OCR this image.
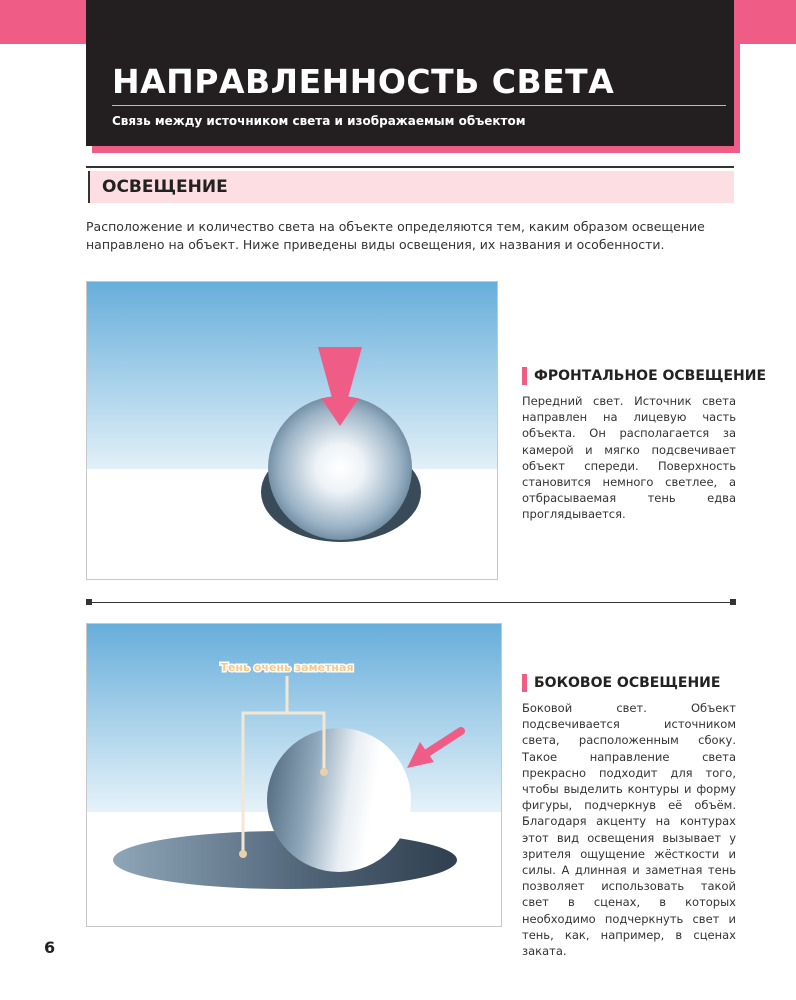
НАПРАВЛЕННОСТЬ СВЕТА
Связь между источником света и изображаемым объектом
ОСВЕЩЕНИЕ
Расположение и количество света на объекте определяются тем, каким образом освещение направлено на объект. Ниже приведены виды освещения, их названия и особенности.
ФРОНТАЛЬНОЕ ОСВЕЩЕНИЕ
Передний свет. Источник света направлен на лицевую часть объекта. Он располагается за камерой и мягко подсвечивает объект спереди. Поверхность становится немного светлее, а отбрасываемая тень едва проглядывается.
Тень очень заметная
БОКОВОЕ ОСВЕЩЕНИЕ
Боковой свет. Объект подсвечивается источником света, расположенным сбоку. Такое направление света прекрасно подходит для того, чтобы выделить контуры и форму фигуры, подчеркнув её объём. Благодаря акценту на контурах этот вид освещения вызывает у зрителя ощущение жёсткости и силы. А длинная и заметная тень позволяет использовать такой свет в сценах, в которых необходимо подчеркнуть свет и тень, как, например, в сценах заката.
6
